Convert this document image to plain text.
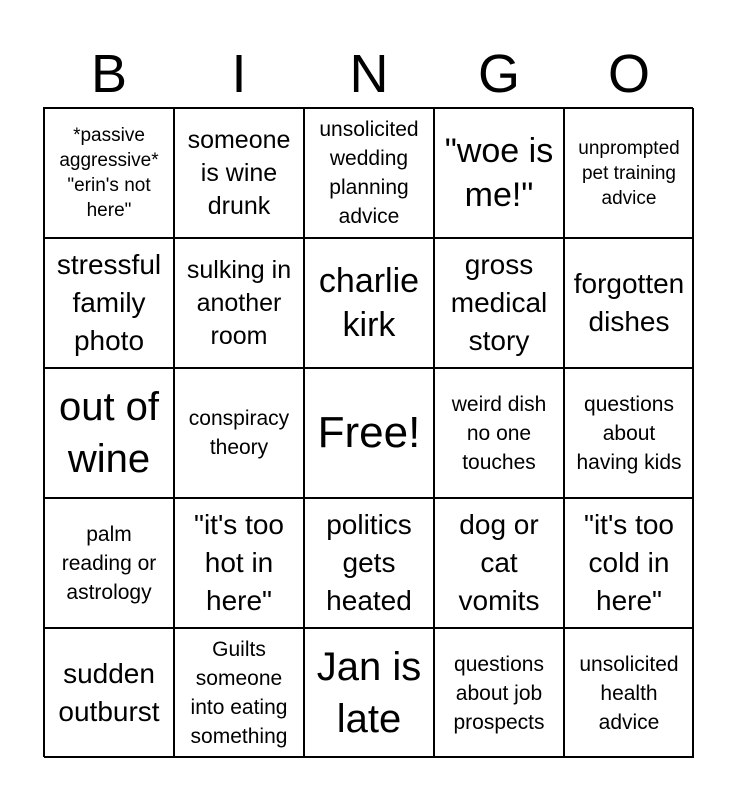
B	I	N	G	O
*passive aggressive* "erin's not here"
someone is wine drunk
unsolicited wedding planning advice
"woe is me!"
unprompted pet training advice
stressful family photo
sulking in another room
charlie kirk
gross medical story
forgotten dishes
out of wine
conspiracy theory	Free!
weird dish no one touches
questions about having kids
palm reading or astrology
"it's too hot in here"
politics gets heated
dog or cat vomits
"it's too cold in here"
sudden outburst
Guilts someone into eating something
Jan is late
questions about job prospects
unsolicited health advice
